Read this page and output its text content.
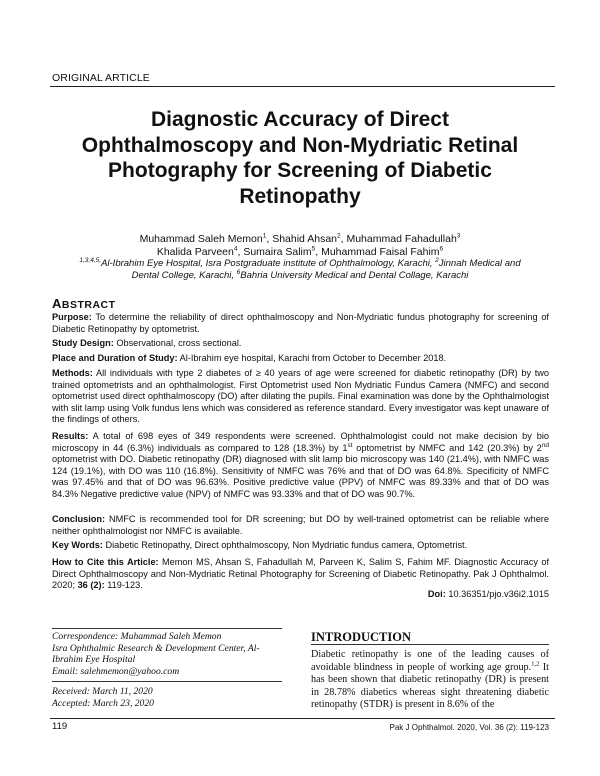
ORIGINAL ARTICLE
Diagnostic Accuracy of Direct
Ophthalmoscopy and Non-Mydriatic Retinal
Photography for Screening of Diabetic
Retinopathy
Muhammad Saleh Memon$^1$, Shahid Ahsan$^2$, Muhammad Fahadullah$^3$
Khalida Parveen$^4$, Sumaira Salim$^5$, Muhammad Faisal Fahim$^6$
$^{1,3,4,5,}$Al-Ibrahim Eye Hospital, Isra Postgraduate institute of Ophthalmology, Karachi, $^2$Jinnah Medical and Dental College, Karachi, $^6$Bahria University Medical and Dental Collage, Karachi
ABSTRACT
Purpose: To determine the reliability of direct ophthalmoscopy and Non-Mydriatic fundus photography for screening of Diabetic Retinopathy by optometrist.
Study Design: Observational, cross sectional.
Place and Duration of Study: Al-Ibrahim eye hospital, Karachi from October to December 2018.
Methods: All individuals with type 2 diabetes of ≥ 40 years of age were screened for diabetic retinopathy (DR) by two trained optometrists and an ophthalmologist. First Optometrist used Non Mydriatic Fundus Camera (NMFC) and second optometrist used direct ophthalmoscopy (DO) after dilating the pupils. Final examination was done by the Ophthalmologist with slit lamp using Volk fundus lens which was considered as reference standard. Every investigator was kept unaware of the findings of others.
Results: A total of 698 eyes of 349 respondents were screened. Ophthalmologist could not make decision by bio microscopy in 44 (6.3%) individuals as compared to 128 (18.3%) by 1st optometrist by NMFC and 142 (20.3%) by 2nd optometrist with DO. Diabetic retinopathy (DR) diagnosed with slit lamp bio microscopy was 140 (21.4%), with NMFC was 124 (19.1%), with DO was 110 (16.8%). Sensitivity of NMFC was 76% and that of DO was 64.8%. Specificity of NMFC was 97.45% and that of DO was 96.63%. Positive predictive value (PPV) of NMFC was 89.33% and that of DO was 84.3% Negative predictive value (NPV) of NMFC was 93.33% and that of DO was 90.7%.
Conclusion: NMFC is recommended tool for DR screening; but DO by well-trained optometrist can be reliable where neither ophthalmologist nor NMFC is available.
Key Words: Diabetic Retinopathy, Direct ophthalmoscopy, Non Mydriatic fundus camera, Optometrist.
How to Cite this Article: Memon MS, Ahsan S, Fahadullah M, Parveen K, Salim S, Fahim MF. Diagnostic Accuracy of Direct Ophthalmoscopy and Non-Mydriatic Retinal Photography for Screening of Diabetic Retinopathy. Pak J Ophthalmol. 2020; 36 (2): 119-123.
Doi: 10.36351/pjo.v36i2.1015
Correspondence: Muhammad Saleh Memon
Isra Ophthalmic Research & Development Center, Al-
Ibrahim Eye Hospital
Email: salehmemon@yahoo.com
Received: March 11, 2020
Accepted: March 23, 2020
INTRODUCTION
Diabetic retinopathy is one of the leading causes of avoidable blindness in people of working age group.$^{1,2}$ It has been shown that diabetic retinopathy (DR) is present in 28.78% diabetics whereas sight threatening diabetic retinopathy (STDR) is present in 8.6% of the
119	Pak J Ophthalmol. 2020, Vol. 36 (2): 119-123
